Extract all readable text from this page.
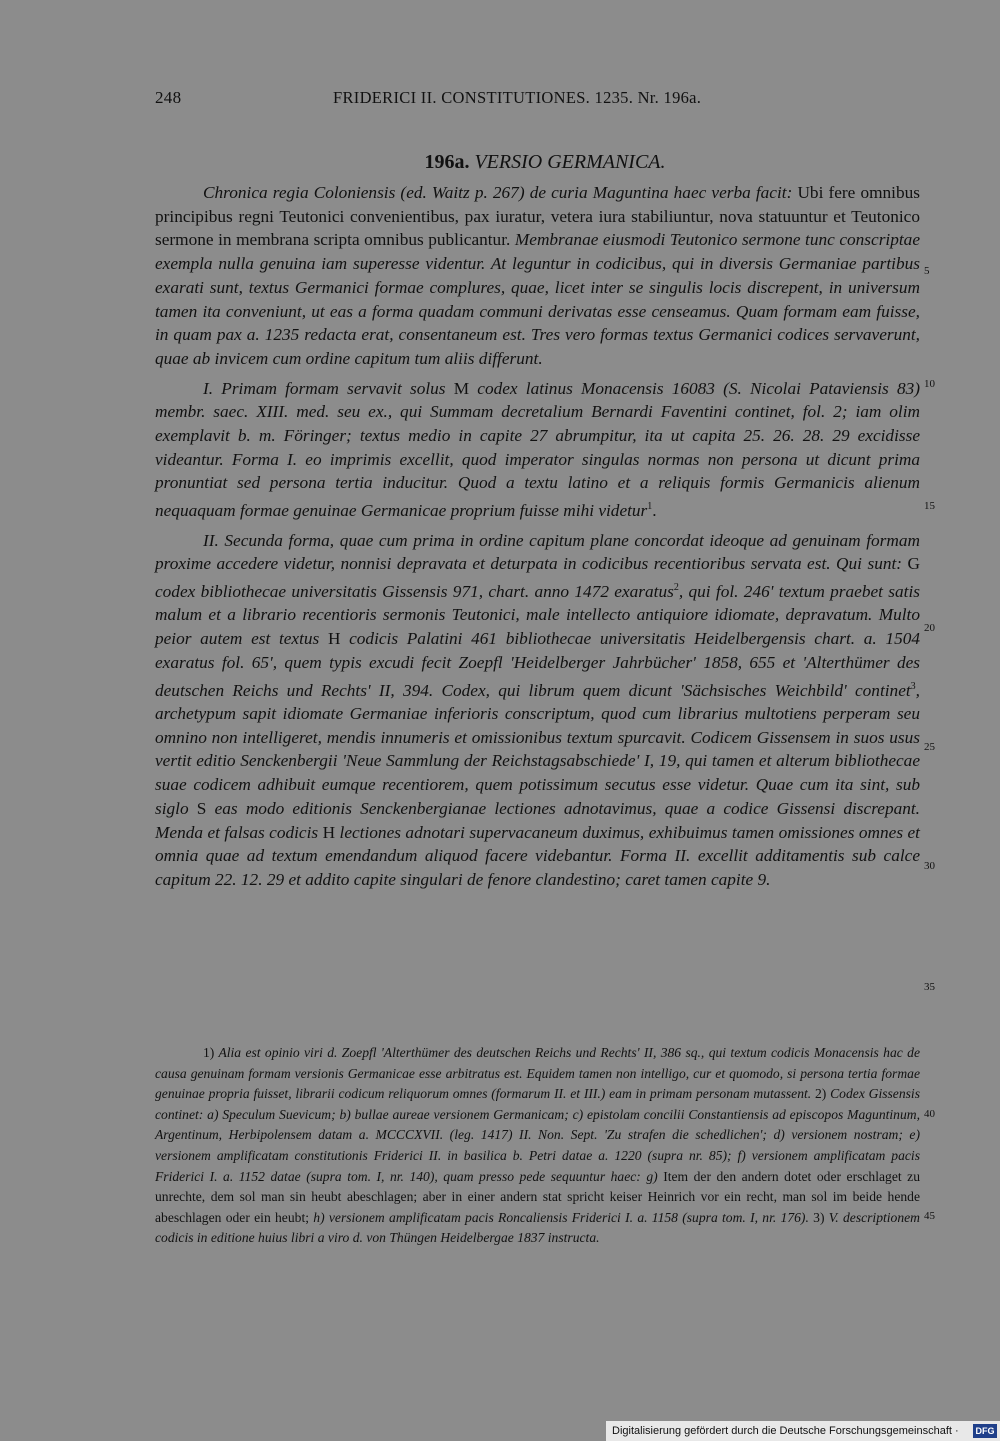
248	FRIDERICI II. CONSTITUTIONES. 1235. Nr. 196a.
196a. VERSIO GERMANICA.

Chronica regia Coloniensis (ed. Waitz p. 267) de curia Maguntina haec verba facit: Ubi fere omnibus principibus regni Teutonici convenientibus, pax iuratur, vetera iura stabiliuntur, nova statuuntur et Teutonico sermone in membrana scripta omnibus publicantur. Membranae eiusmodi Teutonico sermone tunc conscriptae exempla nulla genuina iam superesse videntur. At leguntur in codicibus, qui in diversis Germaniae partibus exarati sunt, textus Germanici formae complures, quae, licet inter se singulis locis discrepent, in universum tamen ita conveniunt, ut eas a forma quadam communi derivatas esse censeamus. Quam formam eam fuisse, in quam pax a. 1235 redacta erat, consentaneum est. Tres vero formas textus Germanici codices servaverunt, quae ab invicem cum ordine capitum tum aliis differunt.

I. Primam formam servavit solus M codex latinus Monacensis 16083 (S. Nicolai Pataviensis 83) membr. saec. XIII. med. seu ex., qui Summam decretalium Bernardi Faventini continet, fol. 2; iam olim exemplavit b. m. Föringer; textus medio in capite 27 abrumpitur, ita ut capita 25. 26. 28. 29 excidisse videantur. Forma I. eo imprimis excellit, quod imperator singulas normas non persona ut dicunt prima pronuntiat sed persona tertia inducitur. Quod a textu latino et a reliquis formis Germanicis alienum nequaquam formae genuinae Germanicae proprium fuisse mihi videtur$^1$.

II. Secunda forma, quae cum prima in ordine capitum plane concordat ideoque ad genuinam formam proxime accedere videtur, nonnisi depravata et deturpata in codicibus recentioribus servata est. Qui sunt: G codex bibliothecae universitatis Gissensis 971, chart. anno 1472 exaratus$^2$, qui fol. 246' textum praebet satis malum et a librario recentioris sermonis Teutonici, male intellecto antiquiore idiomate, depravatum. Multo peior autem est textus H codicis Palatini 461 bibliothecae universitatis Heidelbergensis chart. a. 1504 exaratus fol. 65', quem typis excudi fecit Zoepfl 'Heidelberger Jahrbücher' 1858, 655 et 'Alterthümer des deutschen Reichs und Rechts' II, 394. Codex, qui librum quem dicunt 'Sächsisches Weichbild' continet$^3$, archetypum sapit idiomate Germaniae inferioris conscriptum, quod cum librarius multotiens perperam seu omnino non intelligeret, mendis innumeris et omissionibus textum spurcavit. Codicem Gissensem in suos usus vertit editio Senckenbergii 'Neue Sammlung der Reichstagsabschiede' I, 19, qui tamen et alterum bibliothecae suae codicem adhibuit eumque recentiorem, quem potissimum secutus esse videtur. Quae cum ita sint, sub siglo S eas modo editionis Senckenbergianae lectiones adnotavimus, quae a codice Gissensi discrepant. Menda et falsas codicis H lectiones adnotari supervacaneum duximus, exhibuimus tamen omissiones omnes et omnia quae ad textum emendandum aliquod facere videbantur. Forma II. excellit additamentis sub calce capitum 22. 12. 29 et addito capite singulari de fenore clandestino; caret tamen capite 9.

5
10
15
20
25
30
35
40
45

1) Alia est opinio viri d. Zoepfl 'Alterthümer des deutschen Reichs und Rechts' II, 386 sq., qui textum codicis Monacensis hac de causa genuinam formam versionis Germanicae esse arbitratus est. Equidem tamen non intelligo, cur et quomodo, si persona tertia formae genuinae propria fuisset, librarii codicum reliquorum omnes (formarum II. et III.) eam in primam personam mutassent. 2) Codex Gissensis continet: a) Speculum Suevicum; b) bullae aureae versionem Germanicam; c) epistolam concilii Constantiensis ad episcopos Maguntinum, Argentinum, Herbipolensem datam a. MCCCXVII. (leg. 1417) II. Non. Sept. 'Zu strafen die schedlichen'; d) versionem nostram; e) versionem amplificatam constitutionis Friderici II. in basilica b. Petri datae a. 1220 (supra nr. 85); f) versionem amplificatam pacis Friderici I. a. 1152 datae (supra tom. I, nr. 140), quam presso pede sequuntur haec: g) Item der den andern dotet oder erschlaget zu unrechte, dem sol man sin heubt abeschlagen; aber in einer andern stat spricht keiser Heinrich vor ein recht, man sol im beide hende abeschlagen oder ein heubt; h) versionem amplificatam pacis Roncaliensis Friderici I. a. 1158 (supra tom. I, nr. 176). 3) V. descriptionem codicis in editione huius libri a viro d. von Thüngen Heidelbergae 1837 instructa.

Digitalisierung gefördert durch die Deutsche Forschungsgemeinschaft · DFG
